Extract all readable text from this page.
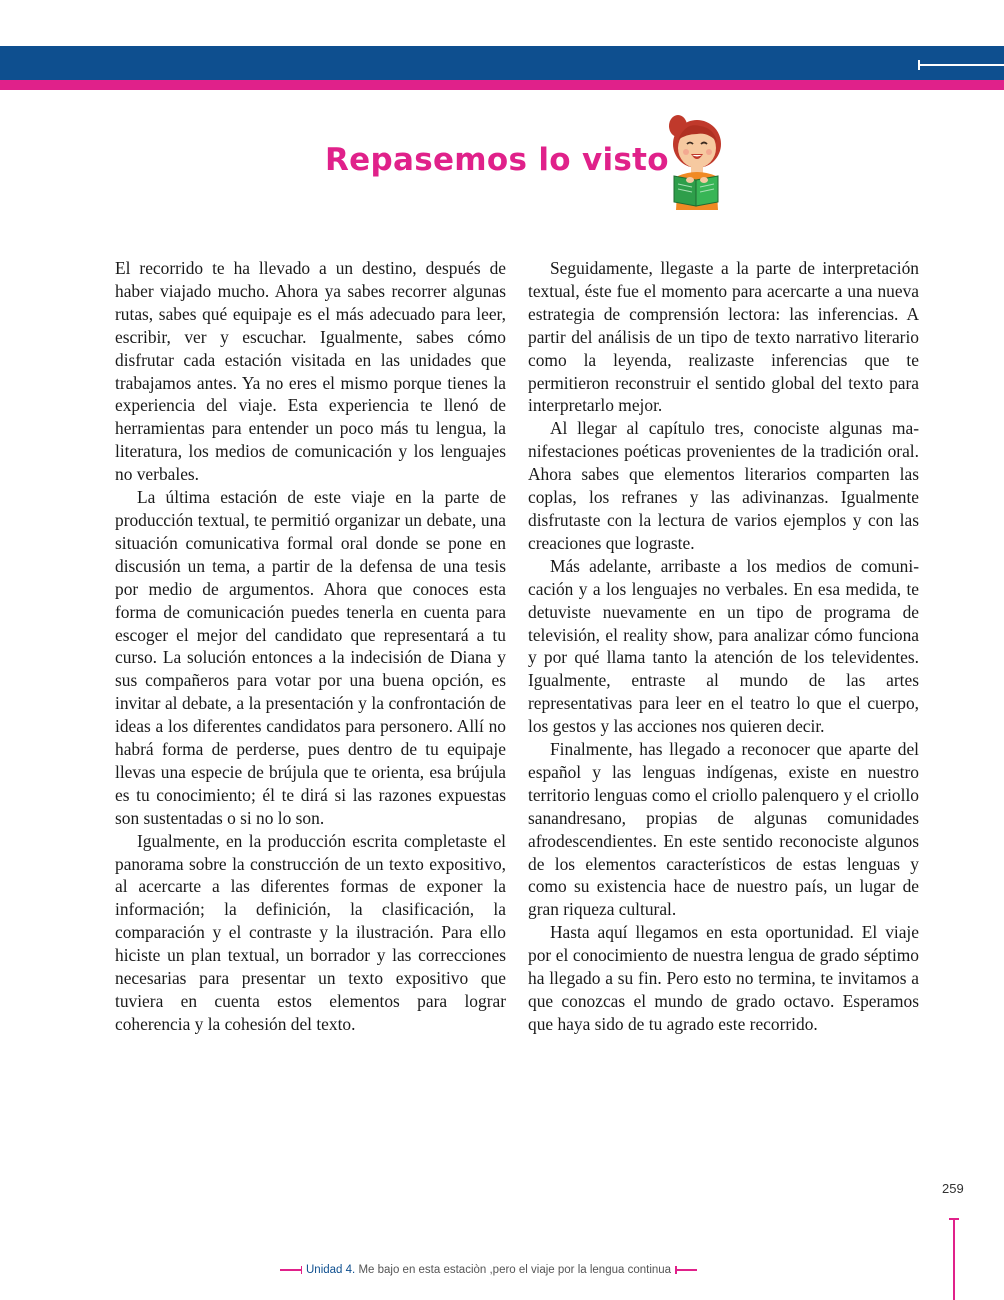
Repasemos lo visto

El recorrido te ha llevado a un destino, después de haber viajado mucho. Ahora ya sabes recorrer algunas rutas, sabes qué equipaje es el más adecuado para leer, escribir, ver y escuchar. Igualmente, sabes cómo disfrutar cada estación visitada en las unidades que trabajamos antes. Ya no eres el mismo porque tienes la experiencia del viaje. Esta experiencia te llenó de herramientas para entender un poco más tu lengua, la literatura, los medios de comunicación y los lenguajes no verbales.

La última estación de este viaje en la parte de producción textual, te permitió organizar un debate, una situación comunicativa formal oral donde se pone en discusión un tema, a partir de la defensa de una tesis por medio de argumentos. Ahora que conoces esta forma de comunicación puedes tenerla en cuenta para escoger el mejor del candidato que representará a tu curso. La solución entonces a la indecisión de Diana y sus compañeros para votar por una buena opción, es invitar al debate, a la presentación y la confrontación de ideas a los diferentes candidatos para personero. Allí no habrá forma de perderse, pues dentro de tu equipaje llevas una especie de brújula que te orienta, esa brújula es tu conocimiento; él te dirá si las razones expuestas son sustentadas o si no lo son.

Igualmente, en la producción escrita completaste el panorama sobre la construcción de un texto expositivo, al acercarte a las diferentes formas de exponer la información; la definición, la clasificación, la comparación y el contraste y la ilustración. Para ello hiciste un plan textual, un borrador y las correcciones necesarias para presentar un texto expositivo que tuviera en cuenta estos elementos para lograr coherencia y la cohesión del texto.

Seguidamente, llegaste a la parte de interpretación textual, éste fue el momento para acercarte a una nueva estrategia de comprensión lectora: las inferencias. A partir del análisis de un tipo de texto narrativo literario como la leyenda, realizaste inferencias que te permitieron reconstruir el sentido global del texto para interpretarlo mejor.

Al llegar al capítulo tres, conociste algunas manifestaciones poéticas provenientes de la tradición oral. Ahora sabes que elementos literarios comparten las coplas, los refranes y las adivinanzas. Igualmente disfrutaste con la lectura de varios ejemplos y con las creaciones que lograste.

Más adelante, arribaste a los medios de comunicación y a los lenguajes no verbales. En esa medida, te detuviste nuevamente en un tipo de programa de televisión, el reality show, para analizar cómo funciona y por qué llama tanto la atención de los televidentes. Igualmente, entraste al mundo de las artes representativas para leer en el teatro lo que el cuerpo, los gestos y las acciones nos quieren decir.

Finalmente, has llegado a reconocer que aparte del español y las lenguas indígenas, existe en nuestro territorio lenguas como el criollo palenquero y el criollo sanandresano, propias de algunas comunidades afrodescendientes. En este sentido reconociste algunos de los elementos característicos de estas lenguas y como su existencia hace de nuestro país, un lugar de gran riqueza cultural.

Hasta aquí llegamos en esta oportunidad. El viaje por el conocimiento de nuestra lengua de grado séptimo ha llegado a su fin. Pero esto no termina, te invitamos a que conozcas el mundo de grado octavo. Esperamos que haya sido de tu agrado este recorrido.

259
Unidad 4.
Me bajo en esta estaciòn ,pero el viaje por la lengua continua
